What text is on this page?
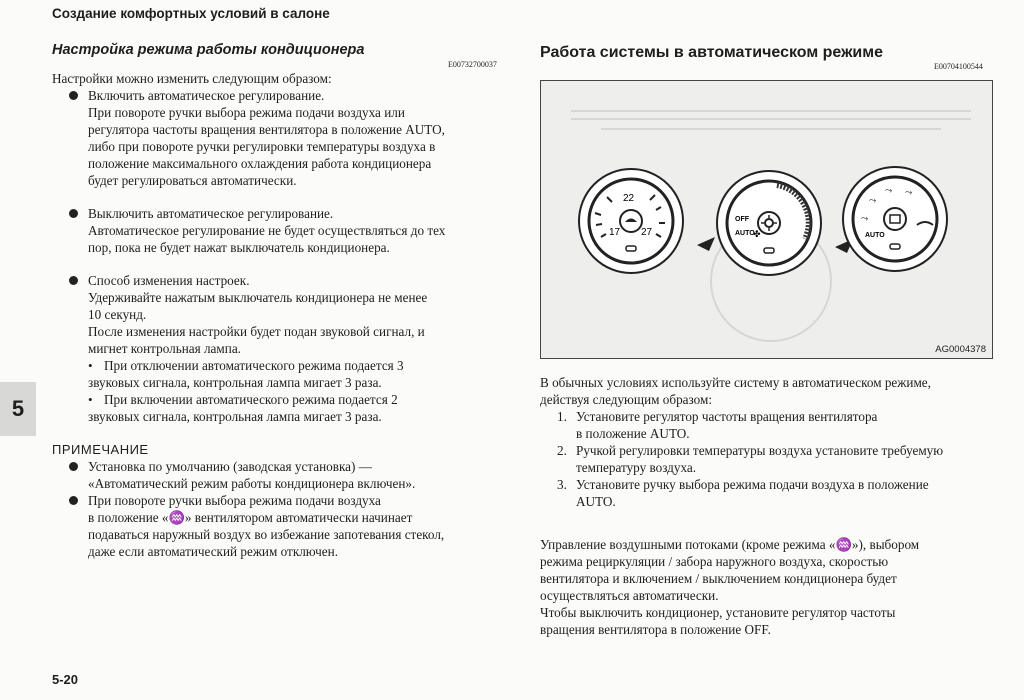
Создание комфортных условий в салоне
5
Настройка режима работы кондиционера
E00732700037

Настройки можно изменить следующим образом:

Включить автоматическое регулирование.

При повороте ручки выбора режима подачи воздуха или

регулятора частоты вращения вентилятора в положение AUTO,

либо при повороте ручки регулировки температуры воздуха в

положение максимального охлаждения работа кондиционера

будет регулироваться автоматически.

Выключить автоматическое регулирование.

Автоматическое регулирование не будет осуществляться до тех

пор, пока не будет нажат выключатель кондиционера.

Способ изменения настроек.

Удерживайте нажатым выключатель кондиционера не менее

10 секунд.

После изменения настройки будет подан звуковой сигнал, и

мигнет контрольная лампа.

• При отключении автоматического режима подается 3

звуковых сигнала, контрольная лампа мигает 3 раза.

• При включении автоматического режима подается 2

звуковых сигнала, контрольная лампа мигает 3 раза.

ПРИМЕЧАНИЕ

Установка по умолчанию (заводская установка) —

«Автоматический режим работы кондиционера включен».

При повороте ручки выбора режима подачи воздуха

в положение «♒» вентилятором автоматически начинает

подаваться наружный воздух во избежание запотевания стекол,

даже если автоматический режим отключен.

Работа системы в автоматическом режиме
E00704100544
22
17 27
OFF
AUTO
✤
⤳
⤳ ⤳
⤳
AUTO
AG0004378

В обычных условиях используйте систему в автоматическом режиме,

действуя следующим образом:

1. Установите регулятор частоты вращения вентилятора

в положение AUTO.

2. Ручкой регулировки температуры воздуха установите требуемую

температуру воздуха.

3. Установите ручку выбора режима подачи воздуха в положение

AUTO.

Управление воздушными потоками (кроме режима «♒»), выбором

режима рециркуляции / забора наружного воздуха, скоростью

вентилятора и включением / выключением кондиционера будет

осуществляться автоматически.

Чтобы выключить кондиционер, установите регулятор частоты

вращения вентилятора в положение OFF.

5-20
